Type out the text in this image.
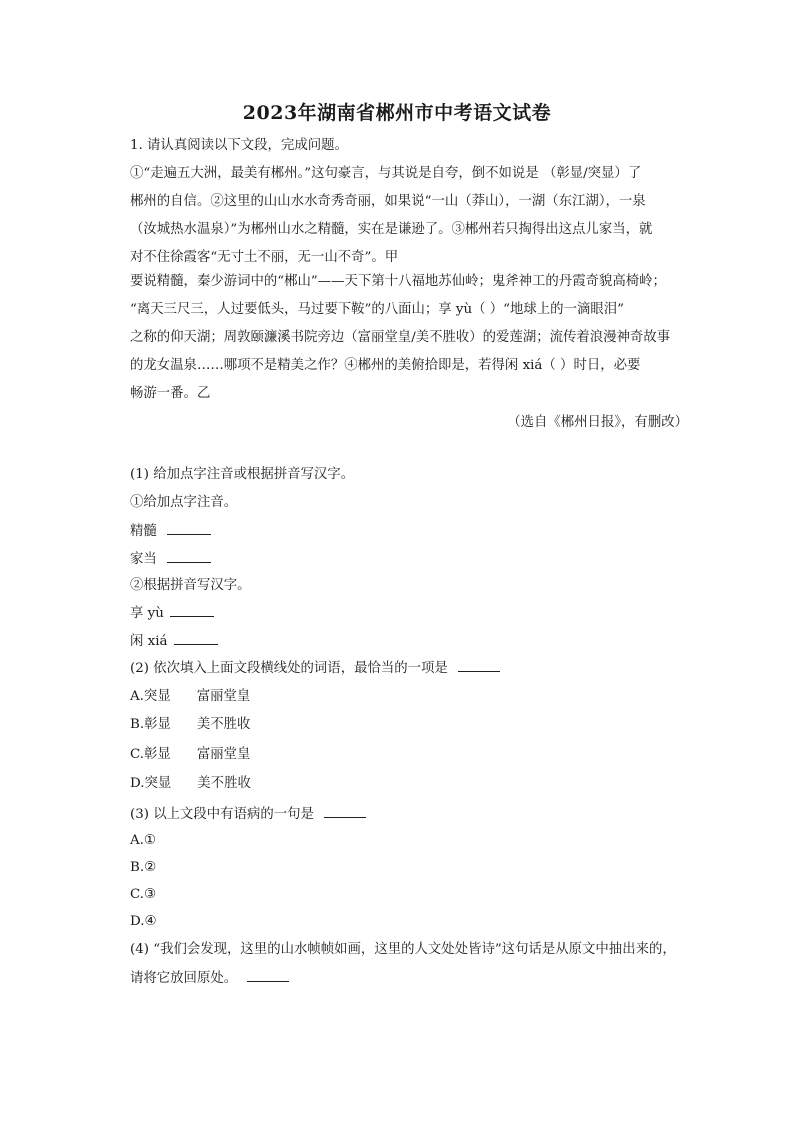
2023年湖南省郴州市中考语文试卷
1. 请认真阅读以下文段，完成问题。
①“走遍五大洲，最美有郴州。”这句豪言，与其说是自夸，倒不如说是 （彰显/突显）了
郴州的自信。②这里的山山水水奇秀奇丽，如果说“一山（莽山），一湖（东江湖），一泉
（汝城热水温泉）”为郴州山水之精髓，实在是谦逊了。③郴州若只掏得出这点儿家当，就
对不住徐霞客“无寸土不丽，无一山不奇”。甲
要说精髓，秦少游词中的“郴山”——天下第十八福地苏仙岭；鬼斧神工的丹霞奇貌高椅岭；
“离天三尺三，人过要低头，马过要下鞍”的八面山；享 yù（ ）“地球上的一滴眼泪”
之称的仰天湖；周敦颐濂溪书院旁边（富丽堂皇/美不胜收）的爱莲湖；流传着浪漫神奇故事
的龙女温泉……哪项不是精美之作？④郴州的美俯拾即是，若得闲 xiá（ ）时日，必要
畅游一番。乙
（选自《郴州日报》，有删改）
(1) 给加点字注音或根据拼音写汉字。
①给加点字注音。
精髓
家当
②根据拼音写汉字。
享 yù
闲 xiá
(2) 依次填入上面文段横线处的词语，最恰当的一项是
A.突显 富丽堂皇
B.彰显 美不胜收
C.彰显 富丽堂皇
D.突显 美不胜收
(3) 以上文段中有语病的一句是
A.①
B.②
C.③
D.④
(4) “我们会发现，这里的山水帧帧如画，这里的人文处处皆诗”这句话是从原文中抽出来的，
请将它放回原处。
